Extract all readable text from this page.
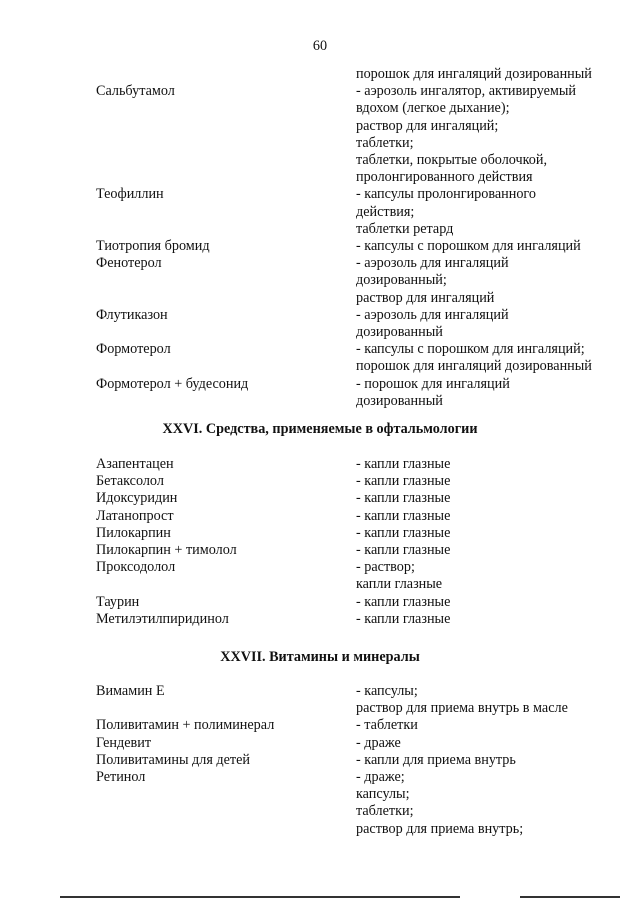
60
порошок для ингаляций дозированный
Сальбутамол	- аэрозоль ингалятор, активируемый
вдохом (легкое дыхание);
раствор для ингаляций;
таблетки;
таблетки, покрытые оболочкой,
пролонгированного действия
Теофиллин	- капсулы пролонгированного
действия;
таблетки ретард
Тиотропия бромид	- капсулы с порошком для ингаляций
Фенотерол	- аэрозоль для ингаляций
дозированный;
раствор для ингаляций
Флутиказон	- аэрозоль для ингаляций
дозированный
Формотерол	- капсулы с порошком для ингаляций;
порошок для ингаляций дозированный
Формотерол + будесонид	- порошок для ингаляций
дозированный
XXVI. Средства, применяемые в офтальмологии
Азапентацен	- капли глазные
Бетаксолол	- капли глазные
Идоксуридин	- капли глазные
Латанопрост	- капли глазные
Пилокарпин	- капли глазные
Пилокарпин + тимолол	- капли глазные
Проксодолол	- раствор;
капли глазные
Таурин	- капли глазные
Метилэтилпиридинол	- капли глазные
XXVII. Витамины и минералы
Вимамин Е	- капсулы;
раствор для приема внутрь в масле
Поливитамин + полиминерал	- таблетки
Гендевит	- драже
Поливитамины для детей	- капли для приема внутрь
Ретинол	- драже;
капсулы;
таблетки;
раствор для приема внутрь;
